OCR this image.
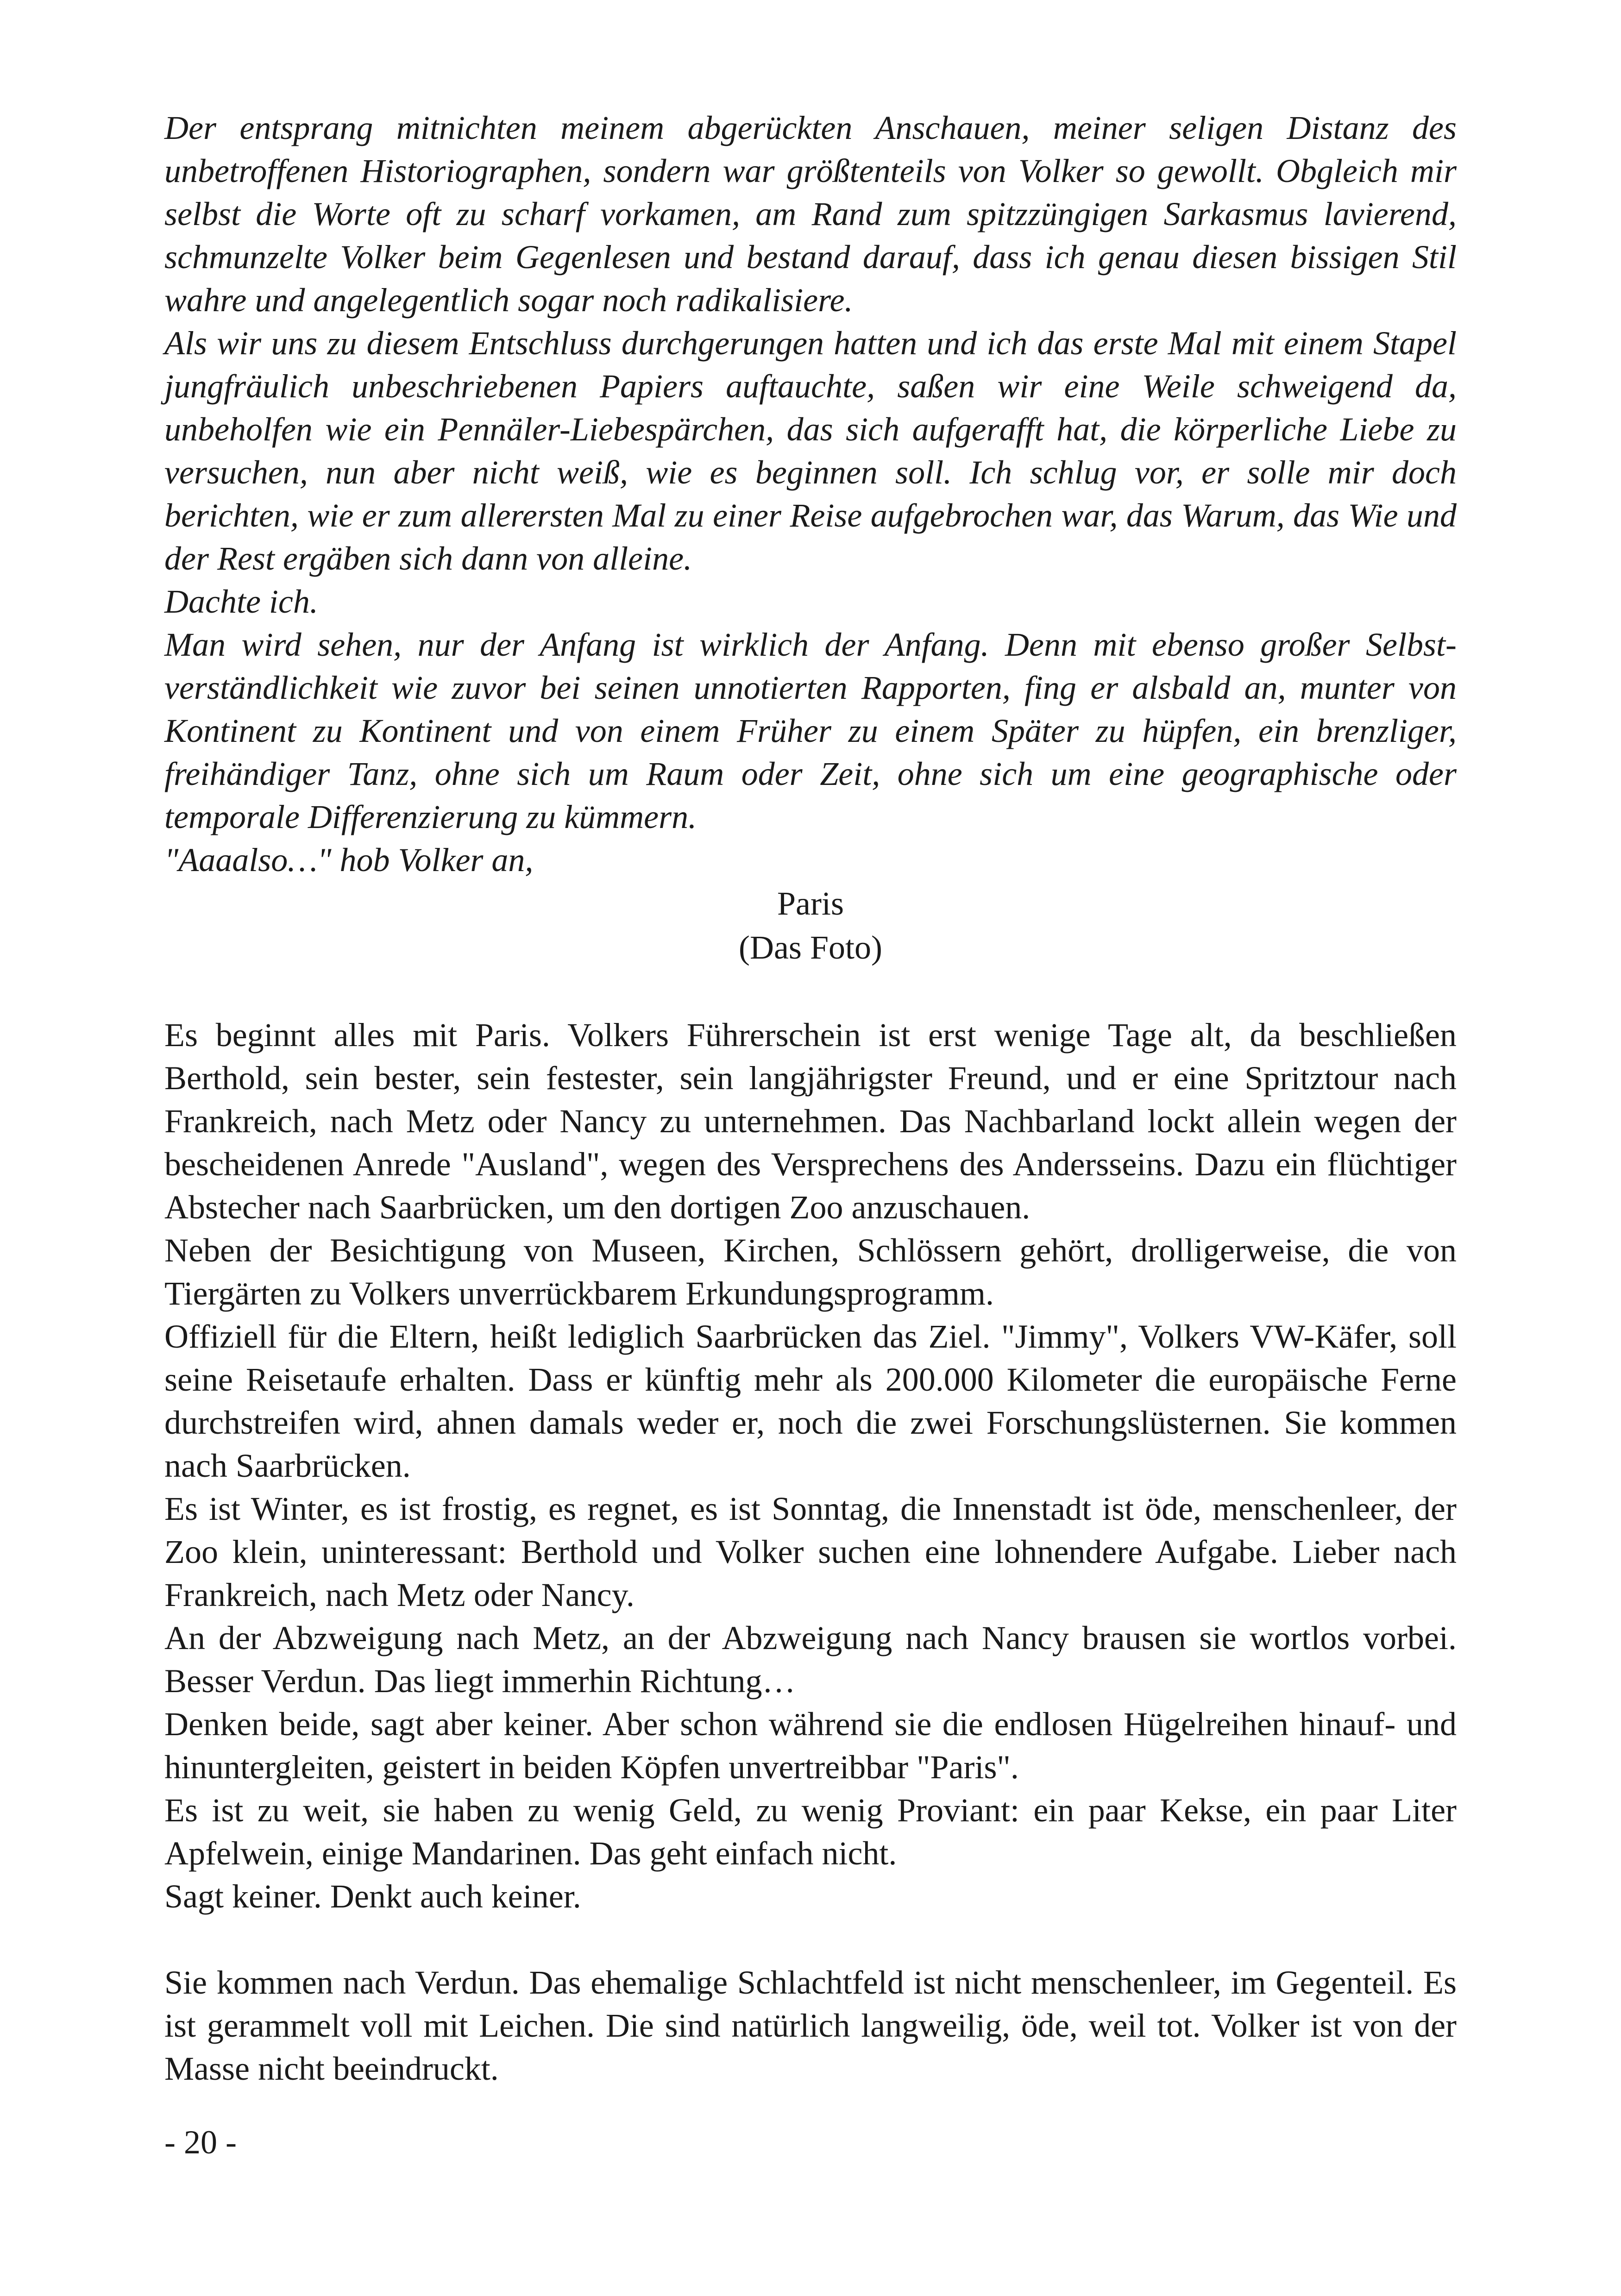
Der entsprang mitnichten meinem abgerückten Anschauen, meiner seligen Distanz des unbetroffenen Historiographen, sondern war größtenteils von Volker so gewollt. Obgleich mir selbst die Worte oft zu scharf vorkamen, am Rand zum spitzzüngigen Sarkasmus lavierend, schmunzelte Volker beim Gegenlesen und bestand darauf, dass ich genau diesen bissigen Stil wahre und angelegentlich sogar noch radikalisiere.

Als wir uns zu diesem Entschluss durchgerungen hatten und ich das erste Mal mit einem Stapel jungfräulich unbeschriebenen Papiers auftauchte, saßen wir eine Weile schweigend da, unbeholfen wie ein Pennäler-Liebespärchen, das sich aufgerafft hat, die körperliche Liebe zu versuchen, nun aber nicht weiß, wie es beginnen soll. Ich schlug vor, er solle mir doch berichten, wie er zum allerersten Mal zu einer Reise aufgebrochen war, das Warum, das Wie und der Rest ergäben sich dann von alleine.

Dachte ich.

Man wird sehen, nur der Anfang ist wirklich der Anfang. Denn mit ebenso großer Selbstverständlichkeit wie zuvor bei seinen unnotierten Rapporten, fing er alsbald an, munter von Kontinent zu Kontinent und von einem Früher zu einem Später zu hüpfen, ein brenzliger, freihändiger Tanz, ohne sich um Raum oder Zeit, ohne sich um eine geographische oder temporale Differenzierung zu kümmern.

"Aaaalso…" hob Volker an,

Paris

(Das Foto)

Es beginnt alles mit Paris. Volkers Führerschein ist erst wenige Tage alt, da beschließen Berthold, sein bester, sein festester, sein langjährigster Freund, und er eine Spritztour nach Frankreich, nach Metz oder Nancy zu unternehmen. Das Nachbarland lockt allein wegen der bescheidenen Anrede "Ausland", wegen des Versprechens des Andersseins. Dazu ein flüchtiger Abstecher nach Saarbrücken, um den dortigen Zoo anzuschauen.

Neben der Besichtigung von Museen, Kirchen, Schlössern gehört, drolligerweise, die von Tiergärten zu Volkers unverrückbarem Erkundungsprogramm.

Offiziell für die Eltern, heißt lediglich Saarbrücken das Ziel. "Jimmy", Volkers VW-Käfer, soll seine Reisetaufe erhalten. Dass er künftig mehr als 200.000 Kilometer die europäische Ferne durchstreifen wird, ahnen damals weder er, noch die zwei Forschungslüsternen. Sie kommen nach Saarbrücken.

Es ist Winter, es ist frostig, es regnet, es ist Sonntag, die Innenstadt ist öde, menschenleer, der Zoo klein, uninteressant: Berthold und Volker suchen eine lohnendere Aufgabe. Lieber nach Frankreich, nach Metz oder Nancy.

An der Abzweigung nach Metz, an der Abzweigung nach Nancy brausen sie wortlos vorbei. Besser Verdun. Das liegt immerhin Richtung…

Denken beide, sagt aber keiner. Aber schon während sie die endlosen Hügelreihen hinauf- und hinuntergleiten, geistert in beiden Köpfen unvertreibbar "Paris".

Es ist zu weit, sie haben zu wenig Geld, zu wenig Proviant: ein paar Kekse, ein paar Liter Apfelwein, einige Mandarinen. Das geht einfach nicht.

Sagt keiner. Denkt auch keiner.

Sie kommen nach Verdun. Das ehemalige Schlachtfeld ist nicht menschenleer, im Gegenteil. Es ist gerammelt voll mit Leichen. Die sind natürlich langweilig, öde, weil tot. Volker ist von der Masse nicht beeindruckt.

- 20 -
